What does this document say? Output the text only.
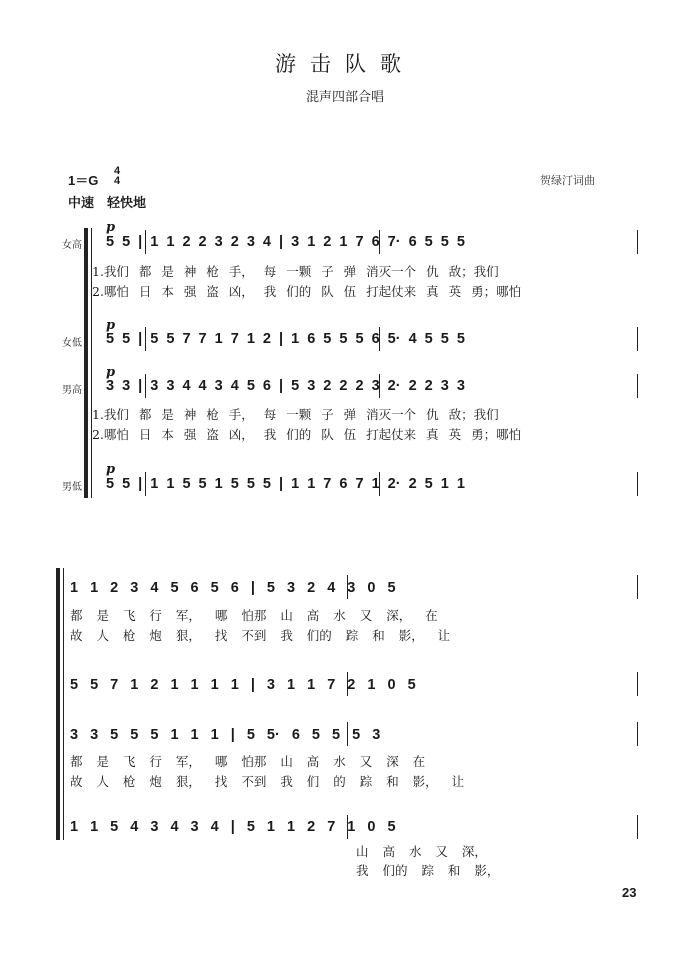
游击队歌
混声四部合唱
1＝G
4
4
中速　轻快地
贺绿汀词曲
女高
女低
男高
男低
p
p
p
p
5 5 | 1 1 2 2 3 2 3 4 | 3 1 2 1 7 6 7· 6 5 5 5
1.我们 都 是 神 枪 手， 每 一颗 子 弹 消灭一个 仇 敌；我们
2.哪怕 日 本 强 盗 凶， 我 们的 队 伍 打起仗来 真 英 勇；哪怕
5 5 | 5 5 7 7 1 7 1 2 | 1 6 5 5 5 6 5· 4 5 5 5
3 3 | 3 3 4 4 3 4 5 6 | 5 3 2 2 2 3 2· 2 2 3 3
1.我们 都 是 神 枪 手， 每 一颗 子 弹 消灭一个 仇 敌；我们
2.哪怕 日 本 强 盗 凶， 我 们的 队 伍 打起仗来 真 英 勇；哪怕
5 5 | 1 1 5 5 1 5 5 5 | 1 1 7 6 7 1 2· 2 5 1 1
1 1 2 3 4 5 6 5 6 | 5 3 2 4 3 0 5
都 是 飞 行 军， 哪 怕那 山 高 水 又 深， 在
故 人 枪 炮 狠， 找 不到 我 们的 踪 和 影， 让
5 5 7 1 2 1 1 1 1 | 3 1 1 7 2 1 0 5
3 3 5 5 5 1 1 1 | 5 5· 6 5 5 5 3
都 是 飞 行 军， 哪 怕那 山 高 水 又 深 在
故 人 枪 炮 狠， 找 不到 我 们 的 踪 和 影， 让
1 1 5 4 3 4 3 4 | 5 1 1 2 7 1 0 5
山 高 水 又 深，
我 们的 踪 和 影，
23
